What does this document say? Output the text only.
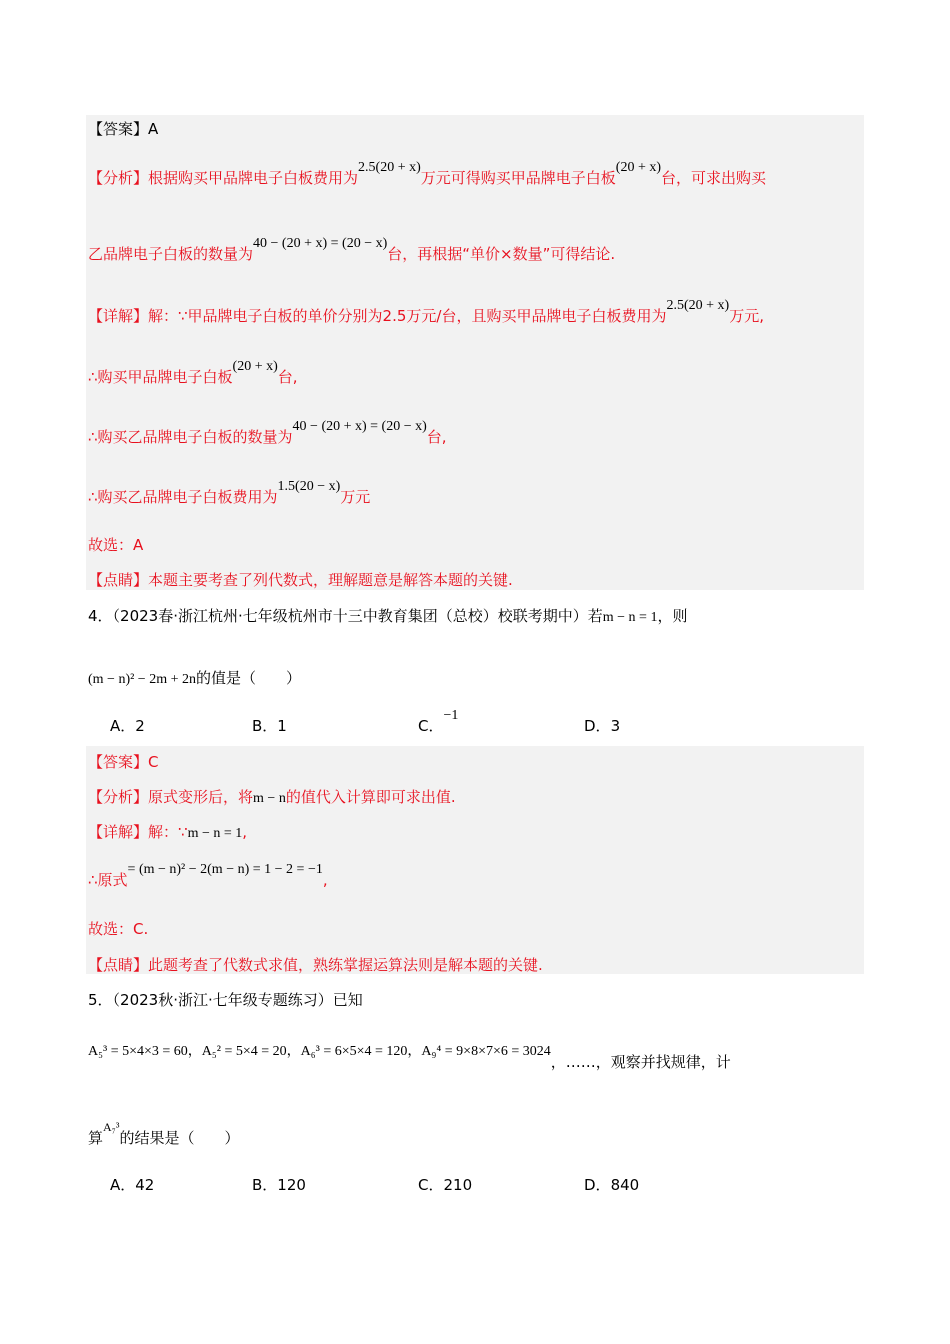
【答案】A
【分析】根据购买甲品牌电子白板费用为2.5(20 + x)万元可得购买甲品牌电子白板(20 + x)台，可求出购买
乙品牌电子白板的数量为40 − (20 + x) = (20 − x)台，再根据“单价×数量”可得结论.
【详解】解：∵甲品牌电子白板的单价分别为2.5万元/台，且购买甲品牌电子白板费用为2.5(20 + x)万元,
∴购买甲品牌电子白板(20 + x)台,
∴购买乙品牌电子白板的数量为40 − (20 + x) = (20 − x)台,
∴购买乙品牌电子白板费用为1.5(20 − x)万元
故选：A
【点睛】本题主要考查了列代数式，理解题意是解答本题的关键.
4．（2023春·浙江杭州·七年级杭州市十三中教育集团（总校）校联考期中）若m − n = 1，则
(m − n)² − 2m + 2n的值是（　　）
A．2	B．1	C．−1
D．3
【答案】C
【分析】原式变形后，将m − n的值代入计算即可求出值.
【详解】解：∵m − n = 1,
∴原式= (m − n)² − 2(m − n) = 1 − 2 = −1,
故选：C.
【点睛】此题考查了代数式求值，熟练掌握运算法则是解本题的关键.
5．（2023秋·浙江·七年级专题练习）已知
A₅³ = 5×4×3 = 60，A₅² = 5×4 = 20，A₆³ = 6×5×4 = 120，A₉⁴ = 9×8×7×6 = 3024，……，观察并找规律，计
算$^{A_7^3}$的结果是（　　）
A．42	B．120	C．210	D．840
